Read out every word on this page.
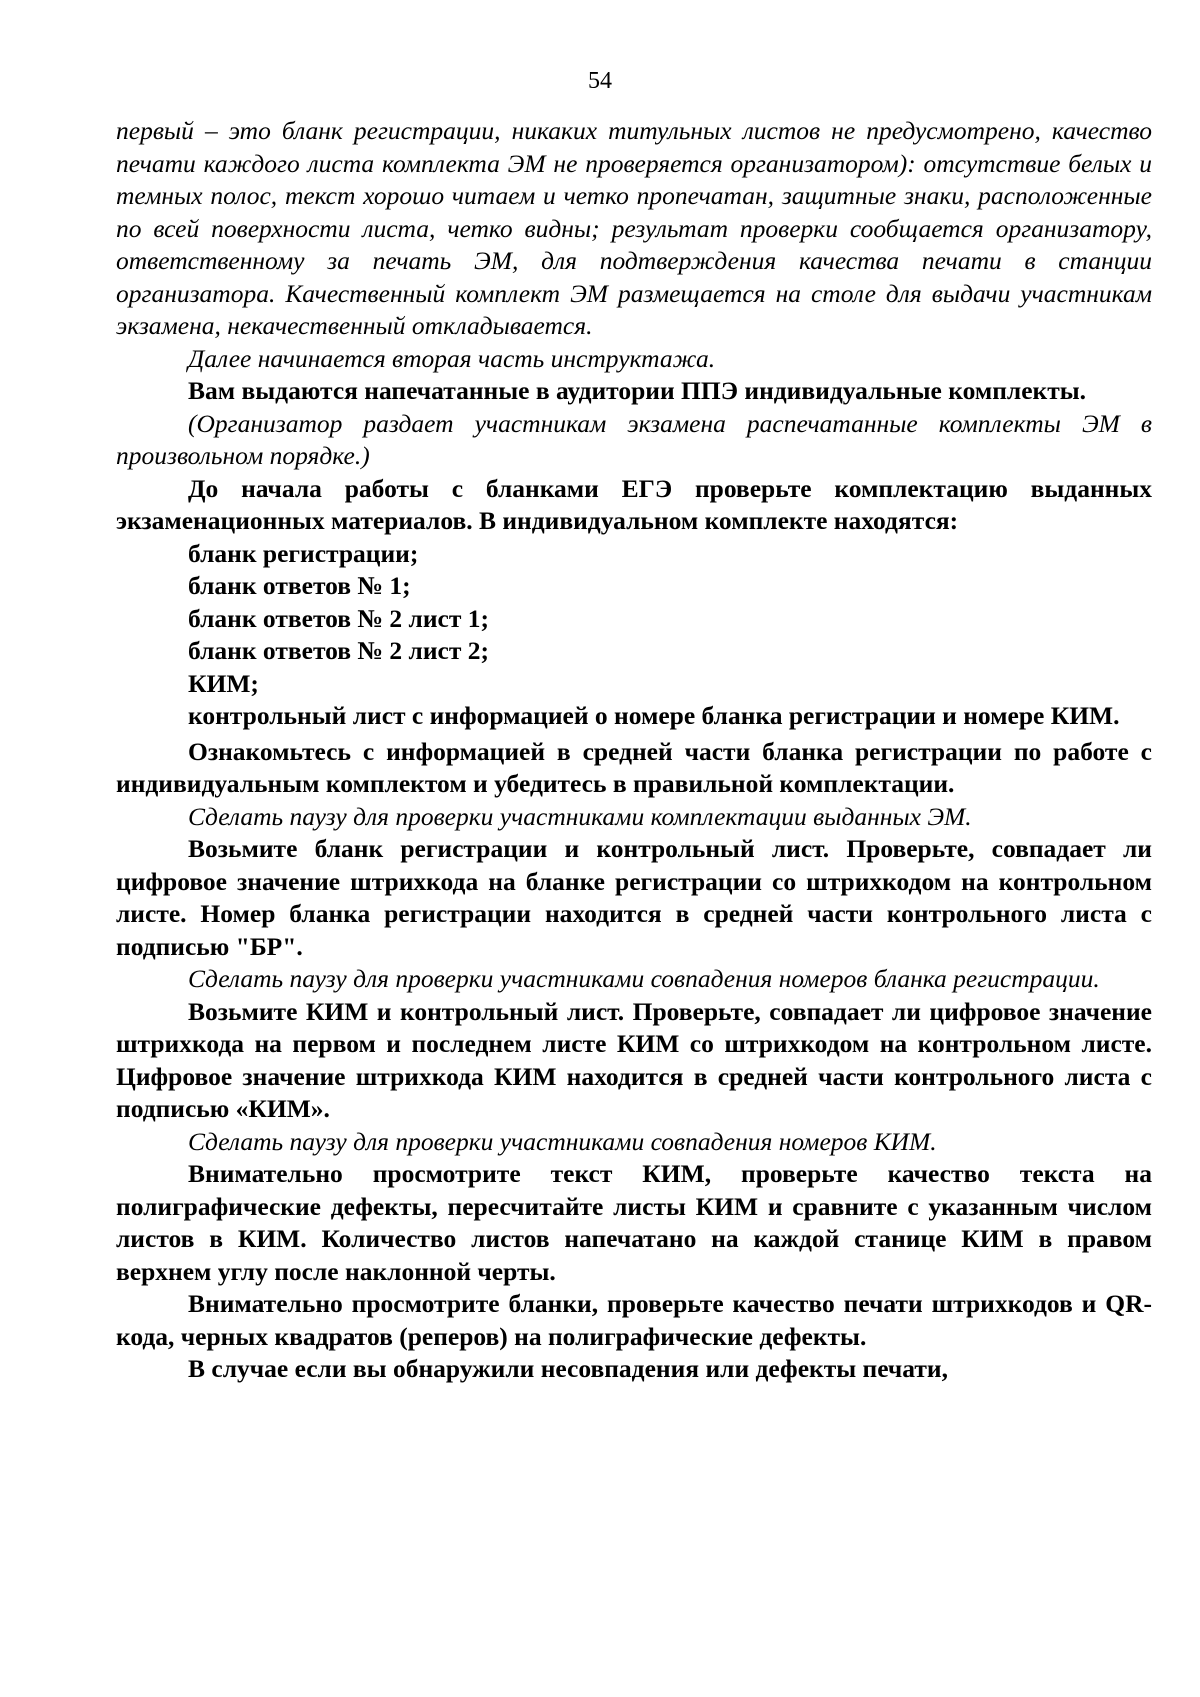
54

первый – это бланк регистрации, никаких титульных листов не предусмотрено, качество печати каждого листа комплекта ЭМ не проверяется организатором): отсутствие белых и темных полос, текст хорошо читаем и четко пропечатан, защитные знаки, расположенные по всей поверхности листа, четко видны; результат проверки сообщается организатору, ответственному за печать ЭМ, для подтверждения качества печати в станции организатора. Качественный комплект ЭМ размещается на столе для выдачи участникам экзамена, некачественный откладывается.

Далее начинается вторая часть инструктажа.

Вам выдаются напечатанные в аудитории ППЭ индивидуальные комплекты.

(Организатор раздает участникам экзамена распечатанные комплекты ЭМ в произвольном порядке.)

До начала работы с бланками ЕГЭ проверьте комплектацию выданных экзаменационных материалов. В индивидуальном комплекте находятся:

бланк регистрации;

бланк ответов № 1;

бланк ответов № 2 лист 1;

бланк ответов № 2 лист 2;

КИМ;

контрольный лист с информацией о номере бланка регистрации и номере КИМ.

Ознакомьтесь с информацией в средней части бланка регистрации по работе с индивидуальным комплектом и убедитесь в правильной комплектации.

Сделать паузу для проверки участниками комплектации выданных ЭМ.

Возьмите бланк регистрации и контрольный лист. Проверьте, совпадает ли цифровое значение штрихкода на бланке регистрации со штрихкодом на контрольном листе. Номер бланка регистрации находится в средней части контрольного листа с подписью "БР".

Сделать паузу для проверки участниками совпадения номеров бланка регистрации.

Возьмите КИМ и контрольный лист. Проверьте, совпадает ли цифровое значение штрихкода на первом и последнем листе КИМ со штрихкодом на контрольном листе. Цифровое значение штрихкода КИМ находится в средней части контрольного листа с подписью «КИМ».

Сделать паузу для проверки участниками совпадения номеров КИМ.

Внимательно просмотрите текст КИМ, проверьте качество текста на полиграфические дефекты, пересчитайте листы КИМ и сравните с указанным числом листов в КИМ. Количество листов напечатано на каждой станице КИМ в правом верхнем углу после наклонной черты.

Внимательно просмотрите бланки, проверьте качество печати штрихкодов и QR-кода, черных квадратов (реперов) на полиграфические дефекты.

В случае если вы обнаружили несовпадения или дефекты печати,
